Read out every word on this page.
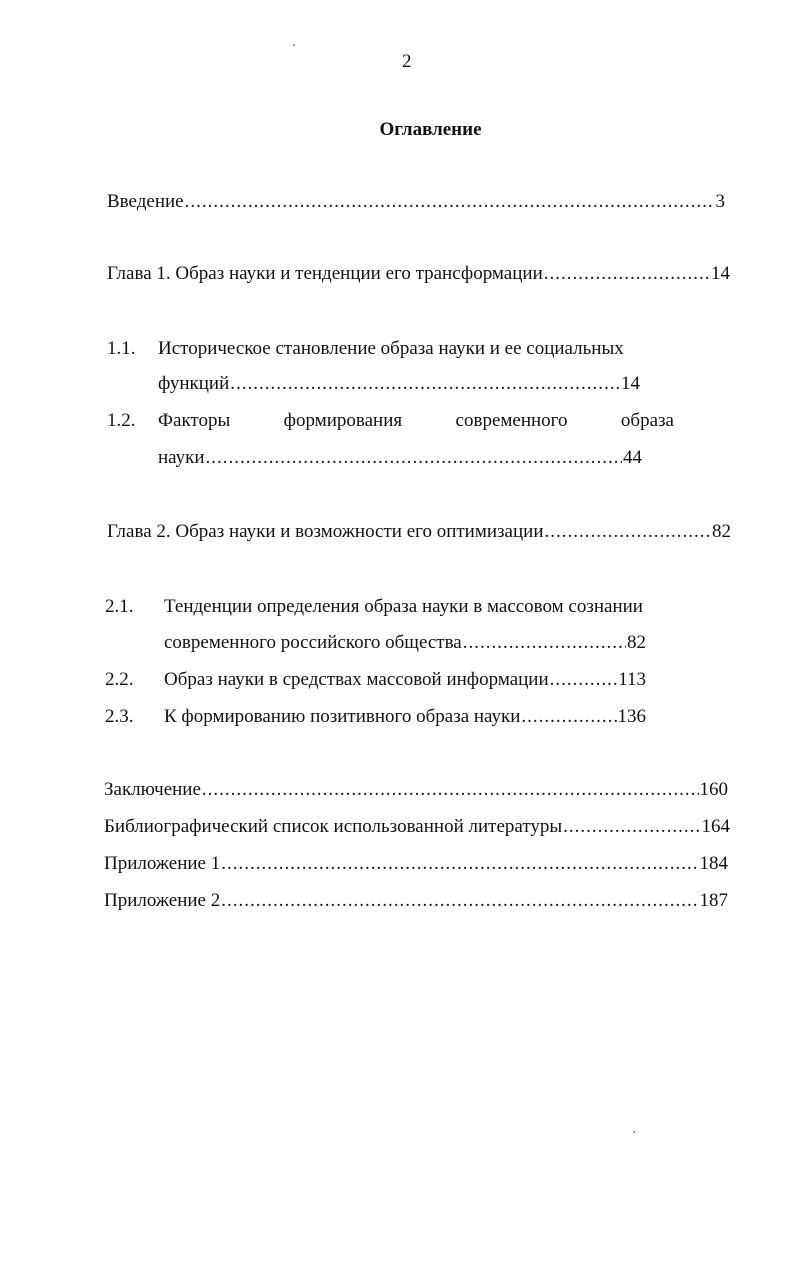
2
Оглавление
Введение .....	3
Глава 1. Образ науки и тенденции его трансформации .....	14
1.1. Историческое становление образа науки и ее социальных
функций .....	14
1.2. Факторы	формирования	современного	образа
науки .....	44
Глава 2. Образ науки и возможности его оптимизации .....	82
2.1. Тенденции определения образа науки в массовом сознании
современного российского общества .....	82
2.2. Образ науки в средствах массовой информации .....	113
2.3. К формированию позитивного образа науки .....	136
Заключение .....	160
Библиографический список использованной литературы .....	164
Приложение 1 .....	184
Приложение 2 .....	187
